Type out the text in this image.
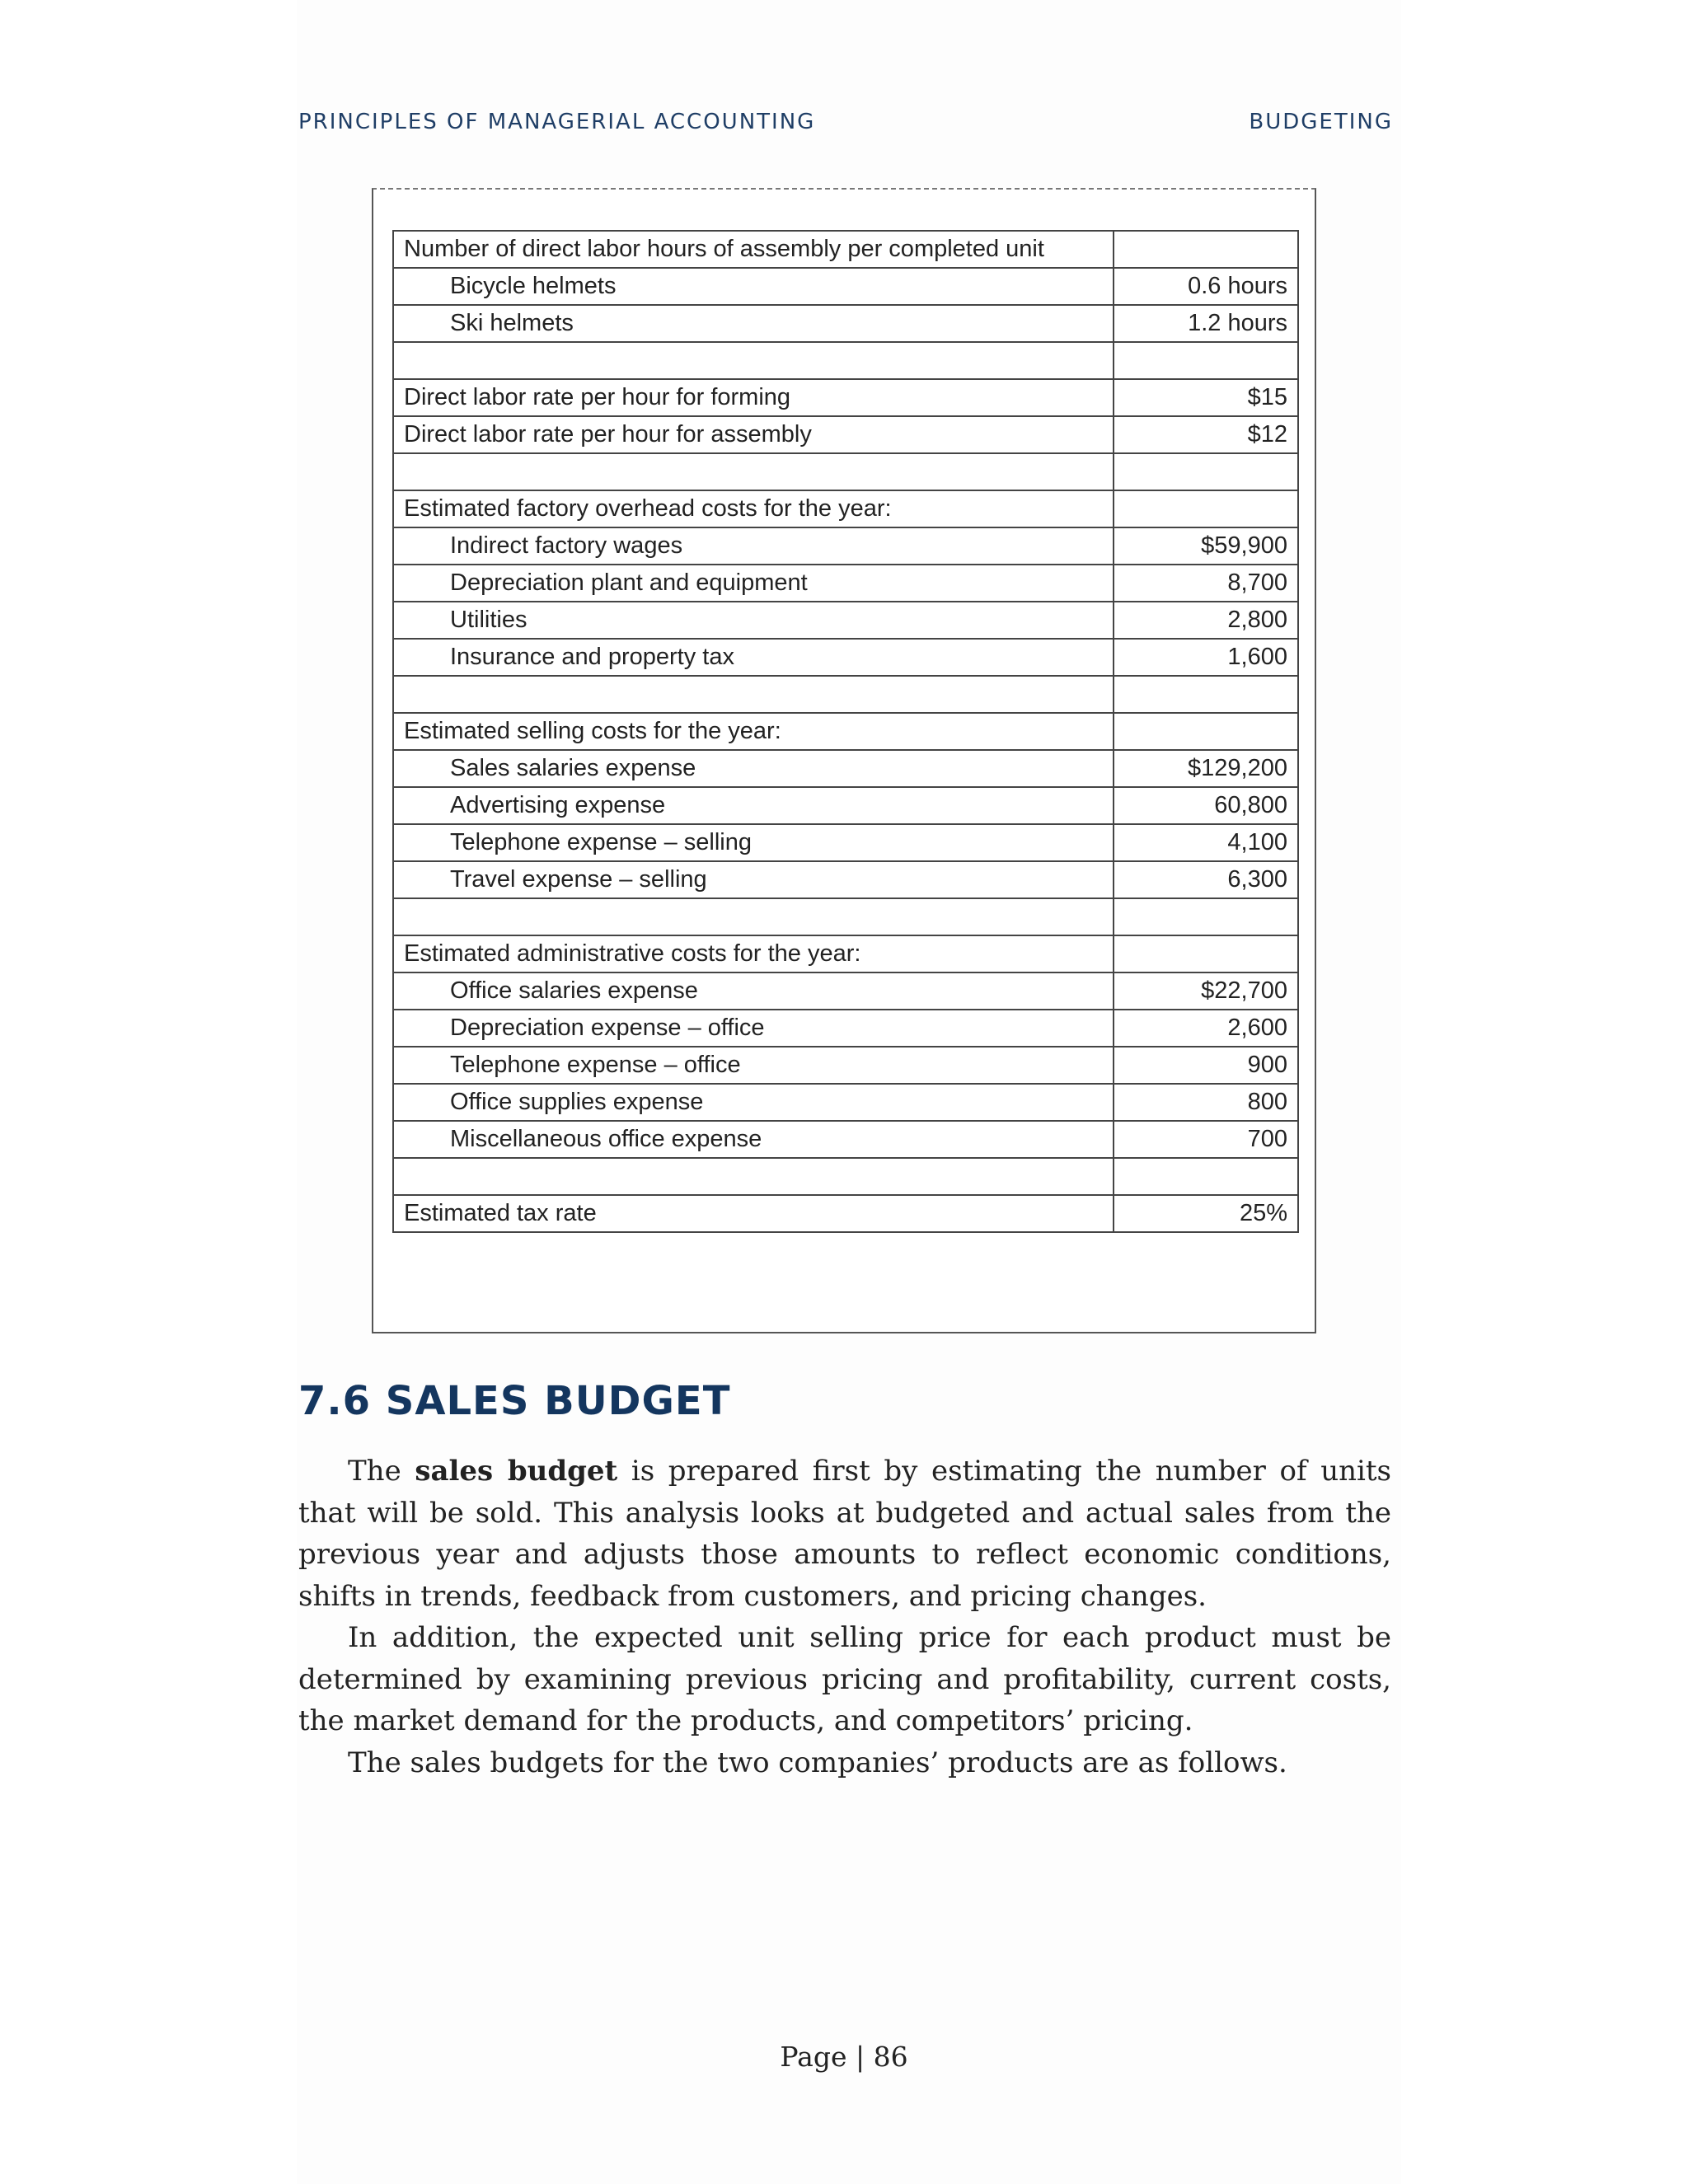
PRINCIPLES OF MANAGERIAL ACCOUNTING	BUDGETING
Number of direct labor hours of assembly per completed unit	
Bicycle helmets	0.6 hours
Ski helmets	1.2 hours

Direct labor rate per hour for forming	$15
Direct labor rate per hour for assembly	$12

Estimated factory overhead costs for the year:	
Indirect factory wages	$59,900
Depreciation plant and equipment	8,700
Utilities	2,800
Insurance and property tax	1,600

Estimated selling costs for the year:	
Sales salaries expense	$129,200
Advertising expense	60,800
Telephone expense – selling	4,100
Travel expense – selling	6,300

Estimated administrative costs for the year:	
Office salaries expense	$22,700
Depreciation expense – office	2,600
Telephone expense – office	900
Office supplies expense	800
Miscellaneous office expense	700

Estimated tax rate	25%
7.6 SALES BUDGET

The sales budget is prepared first by estimating the number of units that will be sold. This analysis looks at budgeted and actual sales from the previous year and adjusts those amounts to reflect economic conditions, shifts in trends, feedback from customers, and pricing changes.

In addition, the expected unit selling price for each product must be determined by examining previous pricing and profitability, current costs, the market demand for the products, and competitors’ pricing.

The sales budgets for the two companies’ products are as follows.

Page | 86
